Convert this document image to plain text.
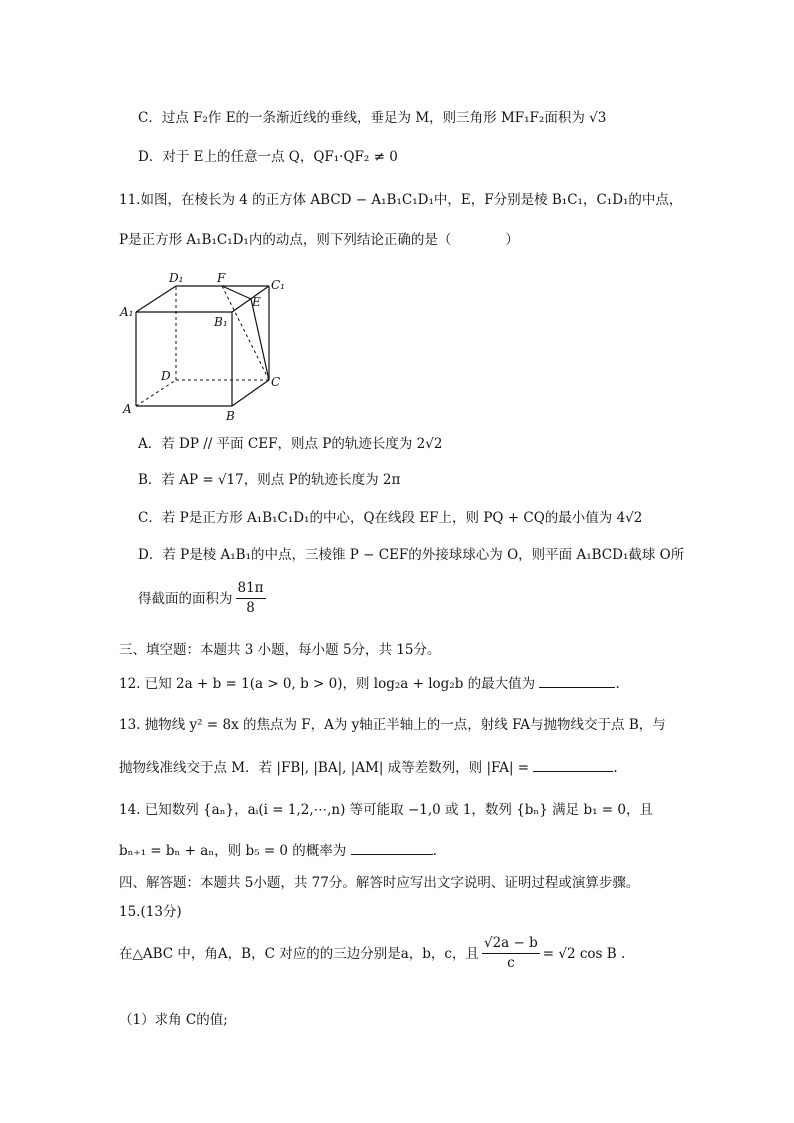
C．过点 F₂作 E的一条渐近线的垂线，垂足为 M，则三角形 MF₁F₂面积为 √3
D．对于 E上的任意一点 Q，QF₁·QF₂ ≠ 0
11.如图，在棱长为 4 的正方体 ABCD − A₁B₁C₁D₁中，E，F分别是棱 B₁C₁，C₁D₁的中点，
P是正方形 A₁B₁C₁D₁内的动点，则下列结论正确的是（　　　　）
D₁	F	C₁
A₁
E
B₁
D	C
A	B
A．若 DP // 平面 CEF，则点 P的轨迹长度为 2√2
B．若 AP = √17，则点 P的轨迹长度为 2π
C．若 P是正方形 A₁B₁C₁D₁的中心，Q在线段 EF上，则 PQ + CQ的最小值为 4√2
D．若 P是棱 A₁B₁的中点，三棱锥 P − CEF的外接球球心为 O，则平面 A₁BCD₁截球 O所
得截面的面积为 $\frac{81\pi}{8}$
三、填空题：本题共 3 小题，每小题 5分，共 15分。
12. 已知 2a + b = 1(a > 0, b > 0)，则 log₂a + log₂b 的最大值为	.
13. 抛物线 y² = 8x 的焦点为 F，A为 y轴正半轴上的一点，射线 FA与抛物线交于点 B，与
抛物线准线交于点 M．若 |FB|, |BA|, |AM| 成等差数列，则 |FA| =	.
14. 已知数列 {aₙ}，aᵢ(i = 1,2,⋯,n) 等可能取 −1,0 或 1，数列 {bₙ} 满足 b₁ = 0，且
bₙ₊₁ = bₙ + aₙ，则 b₅ = 0 的概率为	.
四、解答题：本题共 5小题，共 77分。解答时应写出文字说明、证明过程或演算步骤。
15.(13分)
在△ABC 中，角A，B，C 对应的的三边分别是a，b，c，且 $\frac{√2a - b}{c} = √2$ cos B .
（1）求角 C的值;
